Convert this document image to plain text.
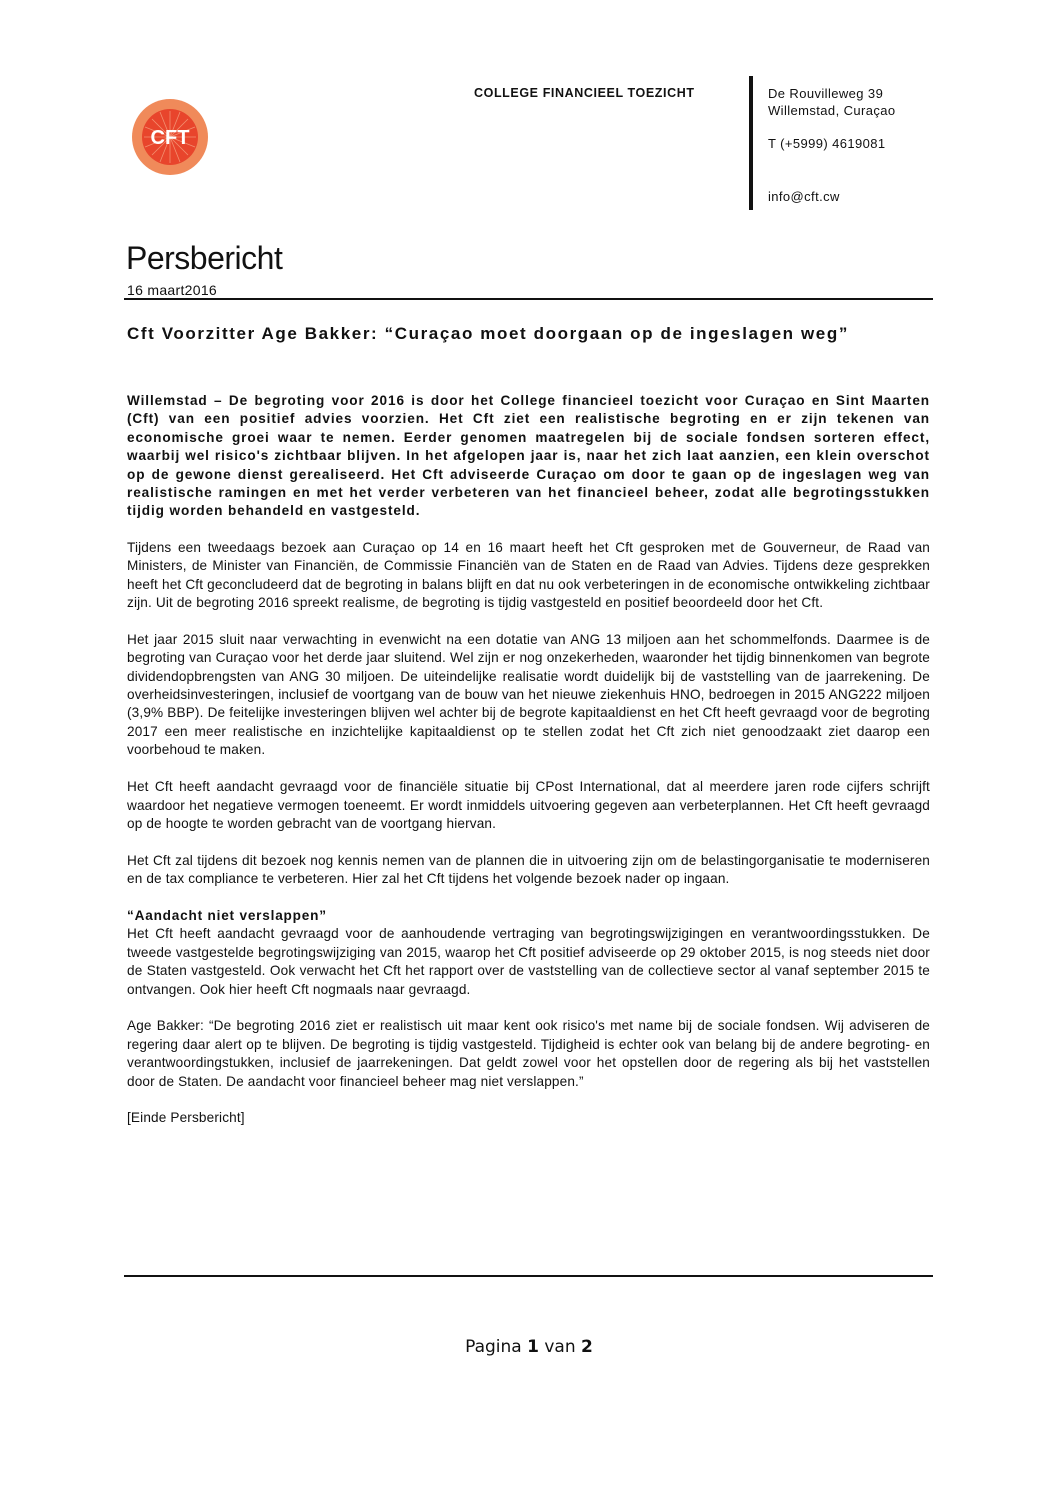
CFT
COLLEGE FINANCIEEL TOEZICHT	De Rouvilleweg 39
Willemstad, Curaçao
T (+5999) 4619081
info@cft.cw
Persbericht
16 maart2016
Cft Voorzitter Age Bakker: “Curaçao moet doorgaan op de ingeslagen weg”

Willemstad – De begroting voor 2016 is door het College financieel toezicht voor Curaçao en Sint Maarten (Cft) van een positief advies voorzien. Het Cft ziet een realistische begroting en er zijn tekenen van economische groei waar te nemen. Eerder genomen maatregelen bij de sociale fondsen sorteren effect, waarbij wel risico's zichtbaar blijven. In het afgelopen jaar is, naar het zich laat aanzien, een klein overschot op de gewone dienst gerealiseerd. Het Cft adviseerde Curaçao om door te gaan op de ingeslagen weg van realistische ramingen en met het verder verbeteren van het financieel beheer, zodat alle begrotingsstukken tijdig worden behandeld en vastgesteld.

Tijdens een tweedaags bezoek aan Curaçao op 14 en 16 maart heeft het Cft gesproken met de Gouverneur, de Raad van Ministers, de Minister van Financiën, de Commissie Financiën van de Staten en de Raad van Advies. Tijdens deze gesprekken heeft het Cft geconcludeerd dat de begroting in balans blijft en dat nu ook verbeteringen in de economische ontwikkeling zichtbaar zijn. Uit de begroting 2016 spreekt realisme, de begroting is tijdig vastgesteld en positief beoordeeld door het Cft.

Het jaar 2015 sluit naar verwachting in evenwicht na een dotatie van ANG 13 miljoen aan het schommelfonds. Daarmee is de begroting van Curaçao voor het derde jaar sluitend. Wel zijn er nog onzekerheden, waaronder het tijdig binnenkomen van begrote dividendopbrengsten van ANG 30 miljoen. De uiteindelijke realisatie wordt duidelijk bij de vaststelling van de jaarrekening. De overheidsinvesteringen, inclusief de voortgang van de bouw van het nieuwe ziekenhuis HNO, bedroegen in 2015 ANG222 miljoen (3,9% BBP). De feitelijke investeringen blijven wel achter bij de begrote kapitaaldienst en het Cft heeft gevraagd voor de begroting 2017 een meer realistische en inzichtelijke kapitaaldienst op te stellen zodat het Cft zich niet genoodzaakt ziet daarop een voorbehoud te maken.

Het Cft heeft aandacht gevraagd voor de financiële situatie bij CPost International, dat al meerdere jaren rode cijfers schrijft waardoor het negatieve vermogen toeneemt. Er wordt inmiddels uitvoering gegeven aan verbeterplannen. Het Cft heeft gevraagd op de hoogte te worden gebracht van de voortgang hiervan.

Het Cft zal tijdens dit bezoek nog kennis nemen van de plannen die in uitvoering zijn om de belastingorganisatie te moderniseren en de tax compliance te verbeteren. Hier zal het Cft tijdens het volgende bezoek nader op ingaan.

“Aandacht niet verslappen”
Het Cft heeft aandacht gevraagd voor de aanhoudende vertraging van begrotingswijzigingen en verantwoordingsstukken. De tweede vastgestelde begrotingswijziging van 2015, waarop het Cft positief adviseerde op 29 oktober 2015, is nog steeds niet door de Staten vastgesteld. Ook verwacht het Cft het rapport over de vaststelling van de collectieve sector al vanaf september 2015 te ontvangen. Ook hier heeft Cft nogmaals naar gevraagd.

Age Bakker: “De begroting 2016 ziet er realistisch uit maar kent ook risico's met name bij de sociale fondsen. Wij adviseren de regering daar alert op te blijven. De begroting is tijdig vastgesteld. Tijdigheid is echter ook van belang bij de andere begroting- en verantwoordingstukken, inclusief de jaarrekeningen. Dat geldt zowel voor het opstellen door de regering als bij het vaststellen door de Staten. De aandacht voor financieel beheer mag niet verslappen.”

[Einde Persbericht]

Pagina 1 van 2
